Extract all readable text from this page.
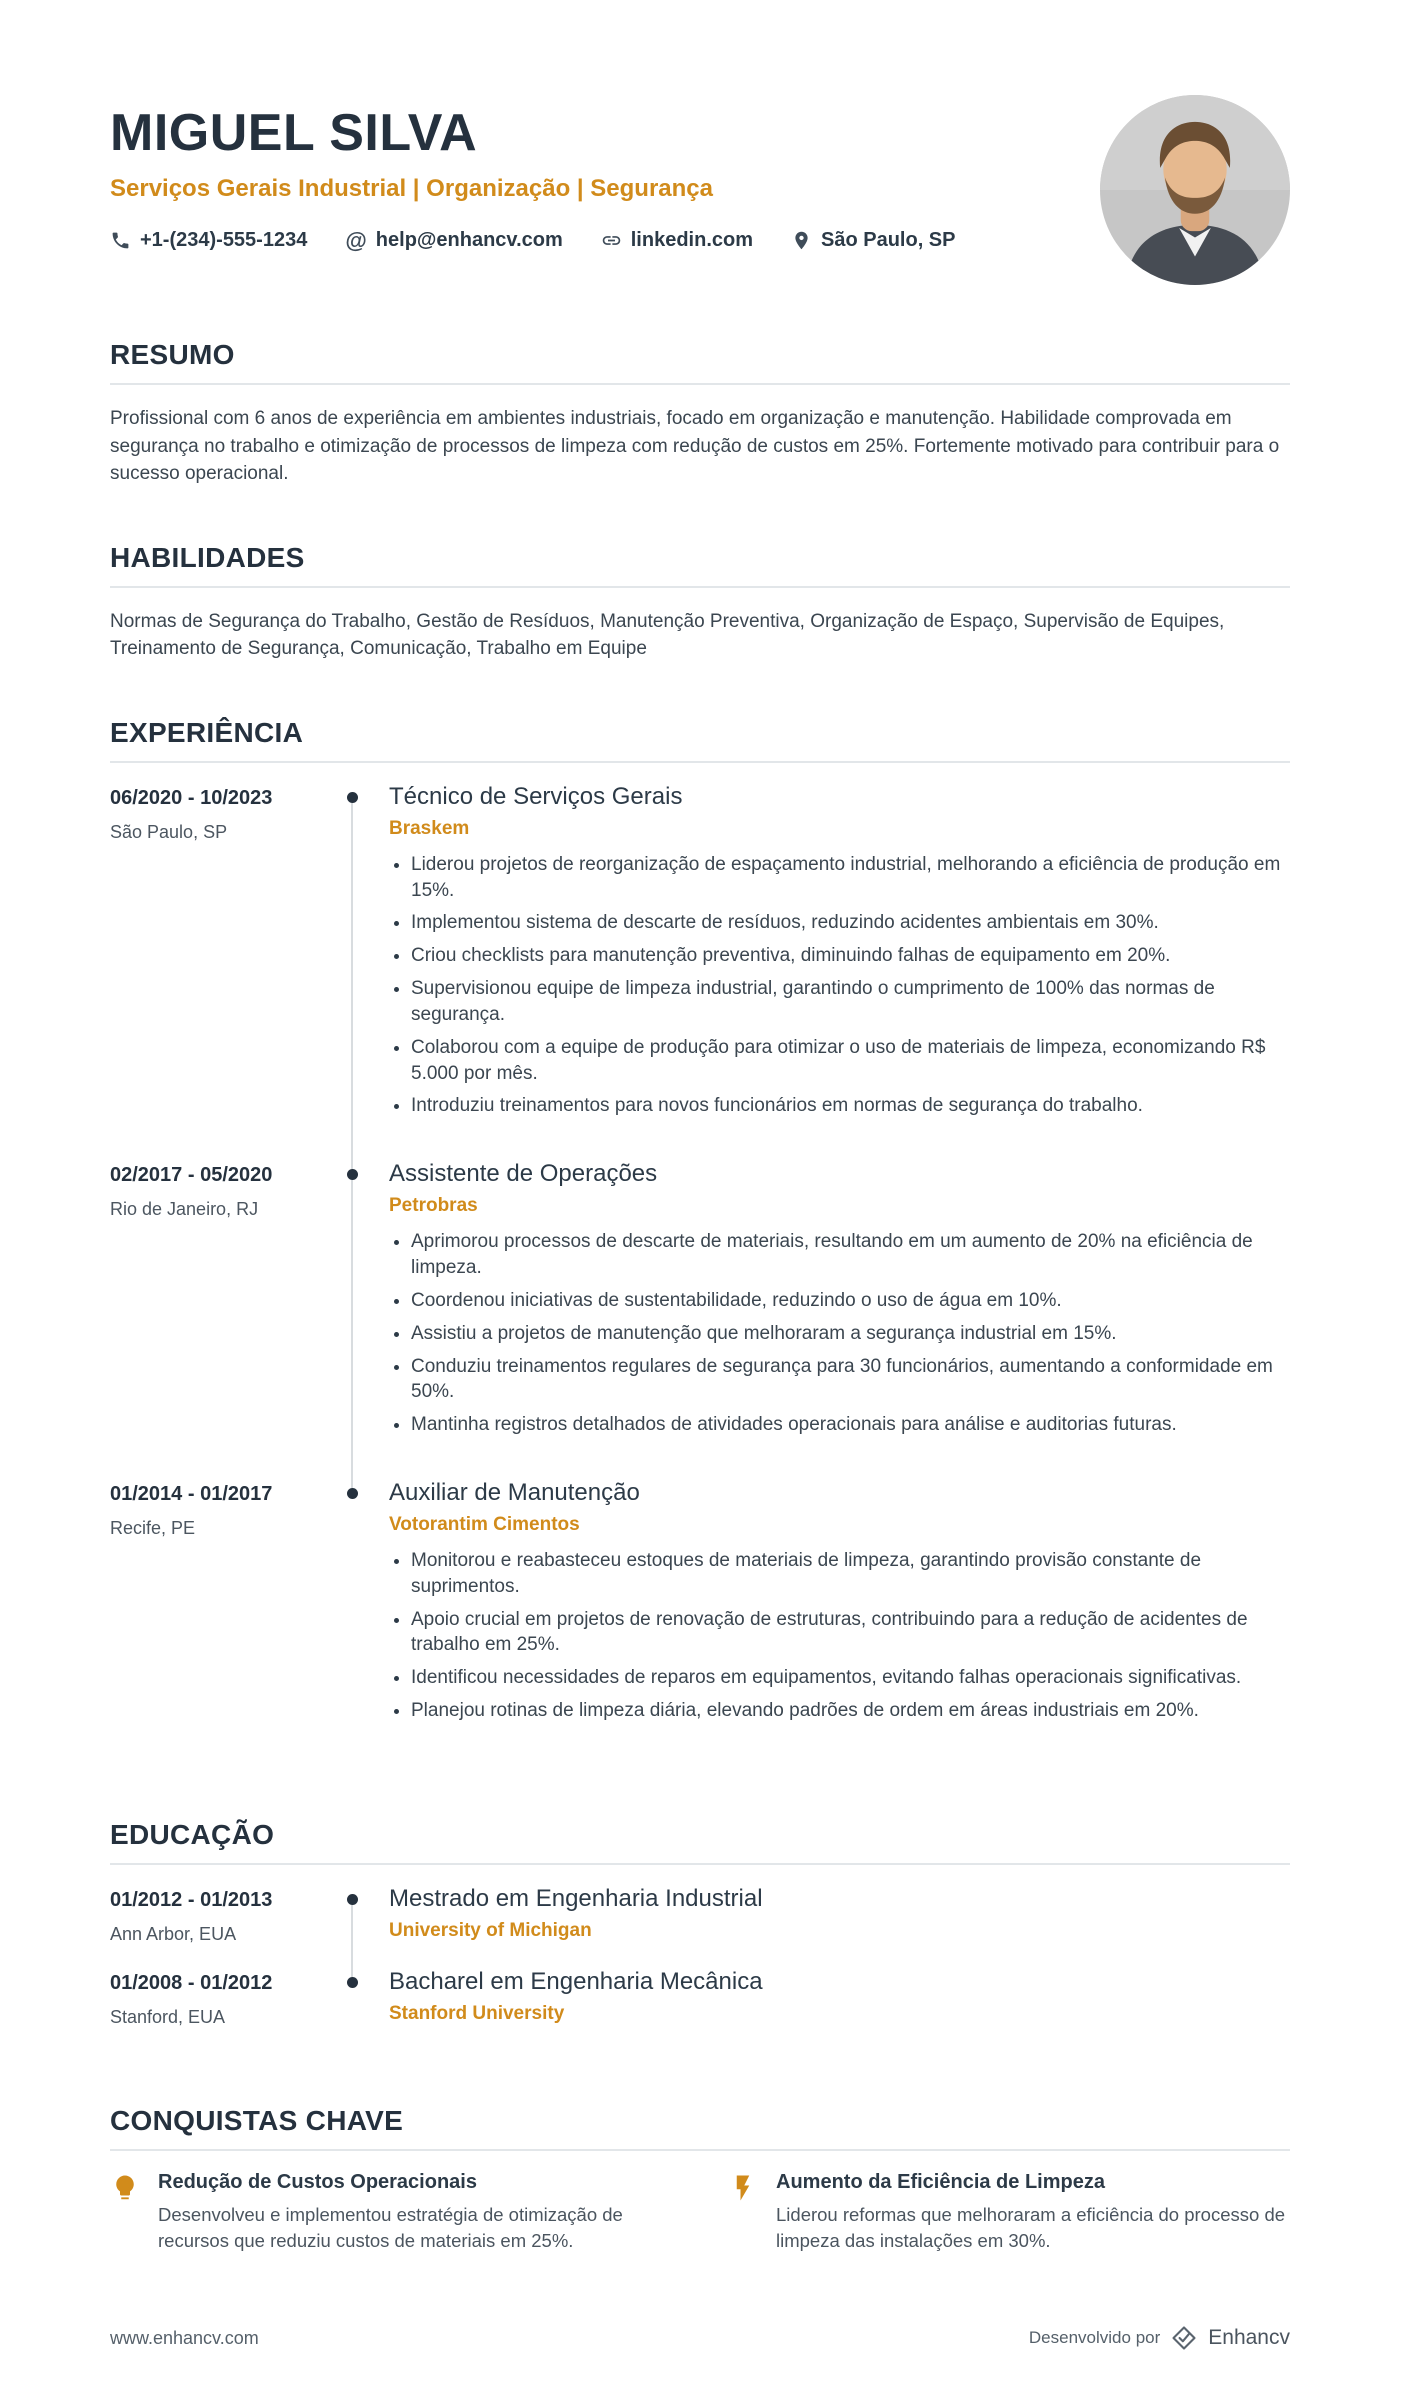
MIGUEL SILVA
Serviços Gerais Industrial | Organização | Segurança
+1-(234)-555-1234 @ help@enhancv.com	linkedin.com	São Paulo, SP
RESUMO

Profissional com 6 anos de experiência em ambientes industriais, focado em organização e manutenção. Habilidade comprovada em segurança no trabalho e otimização de processos de limpeza com redução de custos em 25%. Fortemente motivado para contribuir para o sucesso operacional.

HABILIDADES

Normas de Segurança do Trabalho, Gestão de Resíduos, Manutenção Preventiva, Organização de Espaço, Supervisão de Equipes, Treinamento de Segurança, Comunicação, Trabalho em Equipe

EXPERIÊNCIA
06/2020 - 10/2023
São Paulo, SP
Técnico de Serviços Gerais
Braskem
• Liderou projetos de reorganização de espaçamento industrial, melhorando a eficiência de produção em 15%.
• Implementou sistema de descarte de resíduos, reduzindo acidentes ambientais em 30%.
• Criou checklists para manutenção preventiva, diminuindo falhas de equipamento em 20%.
• Supervisionou equipe de limpeza industrial, garantindo o cumprimento de 100% das normas de segurança.
• Colaborou com a equipe de produção para otimizar o uso de materiais de limpeza, economizando R$ 5.000 por mês.
• Introduziu treinamentos para novos funcionários em normas de segurança do trabalho.
02/2017 - 05/2020
Rio de Janeiro, RJ
Assistente de Operações
Petrobras
• Aprimorou processos de descarte de materiais, resultando em um aumento de 20% na eficiência de limpeza.
• Coordenou iniciativas de sustentabilidade, reduzindo o uso de água em 10%.
• Assistiu a projetos de manutenção que melhoraram a segurança industrial em 15%.
• Conduziu treinamentos regulares de segurança para 30 funcionários, aumentando a conformidade em 50%.
• Mantinha registros detalhados de atividades operacionais para análise e auditorias futuras.
01/2014 - 01/2017
Recife, PE
Auxiliar de Manutenção
Votorantim Cimentos
• Monitorou e reabasteceu estoques de materiais de limpeza, garantindo provisão constante de suprimentos.
• Apoio crucial em projetos de renovação de estruturas, contribuindo para a redução de acidentes de trabalho em 25%.
• Identificou necessidades de reparos em equipamentos, evitando falhas operacionais significativas.
• Planejou rotinas de limpeza diária, elevando padrões de ordem em áreas industriais em 20%.
EDUCAÇÃO
01/2012 - 01/2013
Ann Arbor, EUA
Mestrado em Engenharia Industrial
University of Michigan
01/2008 - 01/2012
Stanford, EUA
Bacharel em Engenharia Mecânica
Stanford University
CONQUISTAS CHAVE
Redução de Custos Operacionais
Desenvolveu e implementou estratégia de otimização de recursos que reduziu custos de materiais em 25%.
Aumento da Eficiência de Limpeza
Liderou reformas que melhoraram a eficiência do processo de limpeza das instalações em 30%.
www.enhancv.com	Desenvolvido por Enhancv
